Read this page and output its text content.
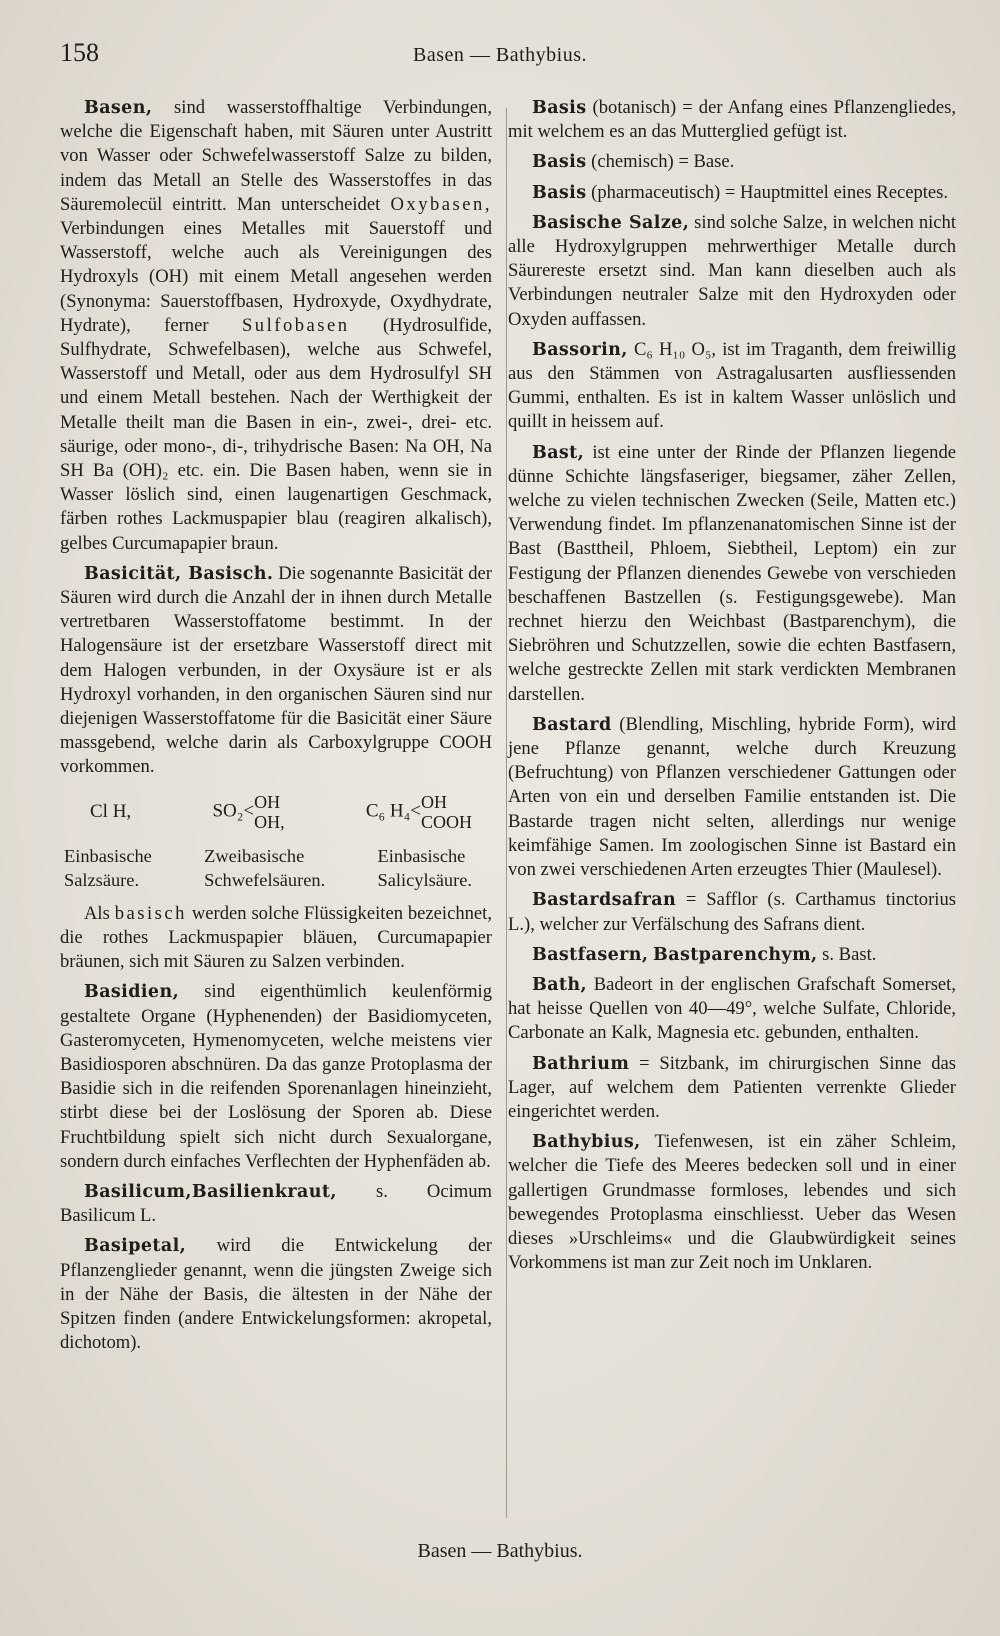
158	Basen — Bathybius.

Basen, sind wasserstoffhaltige Verbindungen, welche die Eigenschaft haben, mit Säuren unter Austritt von Wasser oder Schwefelwasserstoff Salze zu bilden, indem das Metall an Stelle des Wasserstoffes in das Säuremolecül eintritt. Man unterscheidet Oxybasen, Verbindungen eines Metalles mit Sauerstoff und Wasserstoff, welche auch als Vereinigungen des Hydroxyls (OH) mit einem Metall angesehen werden (Synonyma: Sauerstoffbasen, Hydroxyde, Oxydhydrate, Hydrate), ferner Sulfobasen (Hydrosulfide, Sulfhydrate, Schwefelbasen), welche aus Schwefel, Wasserstoff und Metall, oder aus dem Hydrosulfyl SH und einem Metall bestehen. Nach der Werthigkeit der Metalle theilt man die Basen in ein-, zwei-, drei- etc. säurige, oder mono-, di-, trihydrische Basen: Na OH, Na SH Ba (OH)₂ etc. ein. Die Basen haben, wenn sie in Wasser löslich sind, einen laugenartigen Geschmack, färben rothes Lackmuspapier blau (reagiren alkalisch), gelbes Curcumapapier braun.

Basicität, Basisch. Die sogenannte Basicität der Säuren wird durch die Anzahl der in ihnen durch Metalle vertretbaren Wasserstoffatome bestimmt. In der Halogensäure ist der ersetzbare Wasserstoff direct mit dem Halogen verbunden, in der Oxysäure ist er als Hydroxyl vorhanden, in den organischen Säuren sind nur diejenigen Wasserstoffatome für die Basicität einer Säure massgebend, welche darin als Carboxylgruppe COOH vorkommen.

Cl H,	SO₂< OH
OH,
C₆ H₄< OH
COOH
Einbasische
Salzsäure.
Zweibasische
Schwefelsäuren.
Einbasische
Salicylsäure.

Als basisch werden solche Flüssigkeiten bezeichnet, die rothes Lackmuspapier bläuen, Curcumapapier bräunen, sich mit Säuren zu Salzen verbinden.

Basidien, sind eigenthümlich keulenförmig gestaltete Organe (Hyphenenden) der Basidiomyceten, Gasteromyceten, Hymenomyceten, welche meistens vier Basidiosporen abschnüren. Da das ganze Protoplasma der Basidie sich in die reifenden Sporenanlagen hineinzieht, stirbt diese bei der Loslösung der Sporen ab. Diese Fruchtbildung spielt sich nicht durch Sexualorgane, sondern durch einfaches Verflechten der Hyphenfäden ab.

Basilicum,Basilienkraut, s. Ocimum Basilicum L.

Basipetal, wird die Entwickelung der Pflanzenglieder genannt, wenn die jüngsten Zweige sich in der Nähe der Basis, die ältesten in der Nähe der Spitzen finden (andere Entwickelungsformen: akropetal, dichotom).

Basis (botanisch) = der Anfang eines Pflanzengliedes, mit welchem es an das Mutterglied gefügt ist.

Basis (chemisch) = Base.

Basis (pharmaceutisch) = Hauptmittel eines Receptes.

Basische Salze, sind solche Salze, in welchen nicht alle Hydroxylgruppen mehrwerthiger Metalle durch Säurereste ersetzt sind. Man kann dieselben auch als Verbindungen neutraler Salze mit den Hydroxyden oder Oxyden auffassen.

Bassorin, C₆ H₁₀ O₅, ist im Traganth, dem freiwillig aus den Stämmen von Astragalusarten ausfliessenden Gummi, enthalten. Es ist in kaltem Wasser unlöslich und quillt in heissem auf.

Bast, ist eine unter der Rinde der Pflanzen liegende dünne Schichte längsfaseriger, biegsamer, zäher Zellen, welche zu vielen technischen Zwecken (Seile, Matten etc.) Verwendung findet. Im pflanzenanatomischen Sinne ist der Bast (Basttheil, Phloem, Siebtheil, Leptom) ein zur Festigung der Pflanzen dienendes Gewebe von verschieden beschaffenen Bastzellen (s. Festigungsgewebe). Man rechnet hierzu den Weichbast (Bastparenchym), die Siebröhren und Schutzzellen, sowie die echten Bastfasern, welche gestreckte Zellen mit stark verdickten Membranen darstellen.

Bastard (Blendling, Mischling, hybride Form), wird jene Pflanze genannt, welche durch Kreuzung (Befruchtung) von Pflanzen verschiedener Gattungen oder Arten von ein und derselben Familie entstanden ist. Die Bastarde tragen nicht selten, allerdings nur wenige keimfähige Samen. Im zoologischen Sinne ist Bastard ein von zwei verschiedenen Arten erzeugtes Thier (Maulesel).

Bastardsafran = Safflor (s. Carthamus tinctorius L.), welcher zur Verfälschung des Safrans dient.

Bastfasern, Bastparenchym, s. Bast.

Bath, Badeort in der englischen Grafschaft Somerset, hat heisse Quellen von 40—49°, welche Sulfate, Chloride, Carbonate an Kalk, Magnesia etc. gebunden, enthalten.

Bathrium = Sitzbank, im chirurgischen Sinne das Lager, auf welchem dem Patienten verrenkte Glieder eingerichtet werden.

Bathybius, Tiefenwesen, ist ein zäher Schleim, welcher die Tiefe des Meeres bedecken soll und in einer gallertigen Grundmasse formloses, lebendes und sich bewegendes Protoplasma einschliesst. Ueber das Wesen dieses »Urschleims« und die Glaubwürdigkeit seines Vorkommens ist man zur Zeit noch im Unklaren.

Basen — Bathybius.
